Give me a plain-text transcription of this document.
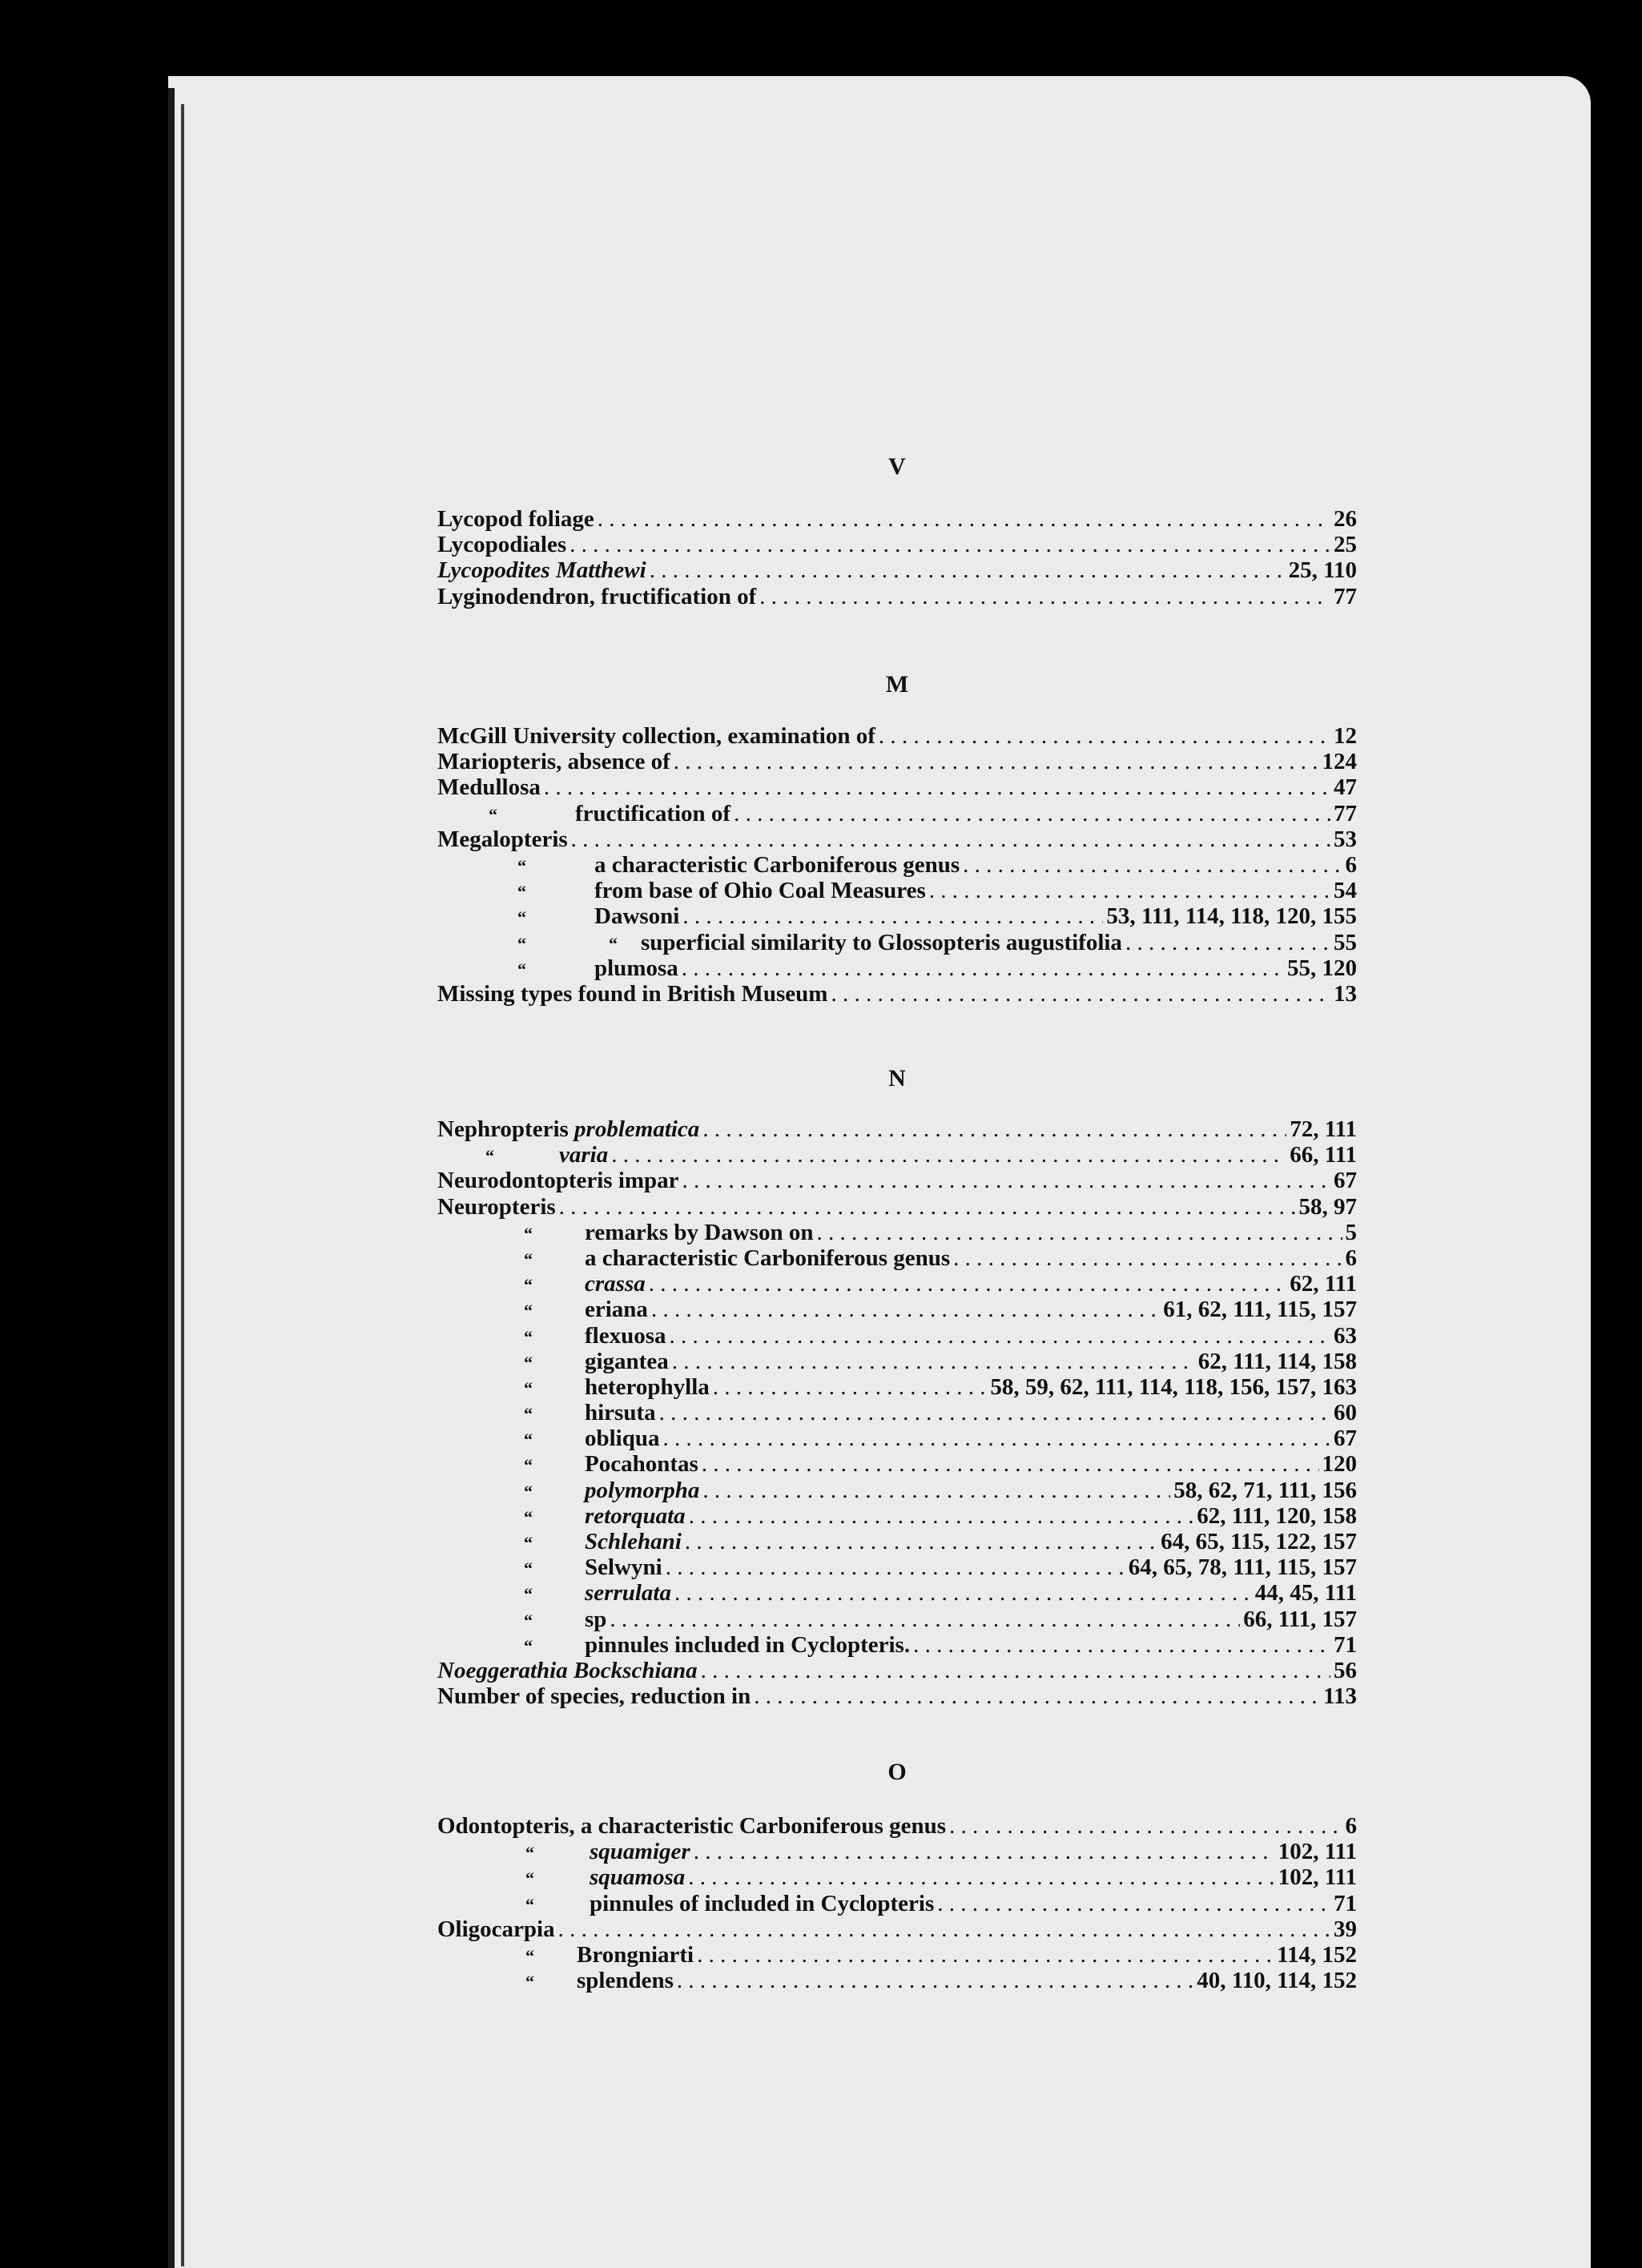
V
Lycopod foliage . . .	26
Lycopodiales . . .	25
Lycopodites Matthewi . . .	25, 110
Lyginodendron, fructification of . . .	77
M
McGill University collection, examination of . . .	12
Mariopteris, absence of . . .	124
Medullosa . . .	47
“	fructification of . . .	77
Megalopteris . . .	53
“	a characteristic Carboniferous genus . . .	6
“	from base of Ohio Coal Measures . . .	54
“	Dawsoni . . .	53, 111, 114, 118, 120, 155
“	“ superficial similarity to Glossopteris augustifolia . . .	55
“	plumosa . . .	55, 120
Missing types found in British Museum . . .	13
N
Nephropteris problematica . . .	72, 111
“	varia . . .	66, 111
Neurodontopteris impar . . .	67
Neuropteris . . .	58, 97
“ remarks by Dawson on . . .	5
“ a characteristic Carboniferous genus . . .	6
“ crassa . . .	62, 111
“ eriana . . .	61, 62, 111, 115, 157
“ flexuosa . . .	63
“ gigantea . . .	62, 111, 114, 158
“ heterophylla . . .	58, 59, 62, 111, 114, 118, 156, 157, 163
“ hirsuta . . .	60
“ obliqua . . .	67
“ Pocahontas . . .	120
“ polymorpha . . .	58, 62, 71, 111, 156
“ retorquata . . .	62, 111, 120, 158
“ Schlehani . . .	64, 65, 115, 122, 157
“ Selwyni . . .	64, 65, 78, 111, 115, 157
“ serrulata . . .	44, 45, 111
“ sp . . .	66, 111, 157
“ pinnules included in Cyclopteris. . . .	71
Noeggerathia Bockschiana . . .	56
Number of species, reduction in . . .	113
O
Odontopteris, a characteristic Carboniferous genus . . .	6
“ squamiger . . .	102, 111
“ squamosa . . .	102, 111
“ pinnules of included in Cyclopteris . . .	71
Oligocarpia . . .	39
“ Brongniarti . . .	114, 152
“ splendens . . .	40, 110, 114, 152
